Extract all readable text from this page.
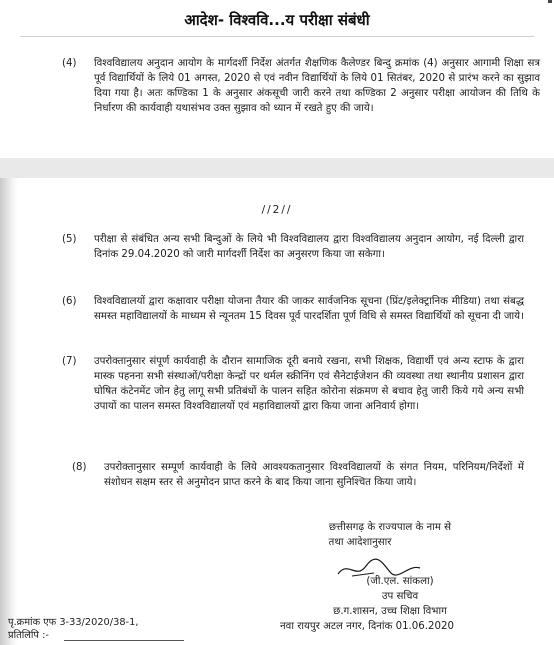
आदेश- विश्ववि...य परीक्षा संबंधी
(4) विश्वविद्यालय अनुदान आयोग के मार्गदर्शी निर्देश अंतर्गत शैक्षणिक कैलेण्डर बिन्दु क्रमांक (4) अनुसार आगामी शिक्षा सत्र पूर्व विद्यार्थियों के लिये 01 अगस्त, 2020 से एवं नवीन विद्यार्थियों के लिये 01 सितंबर, 2020 से प्रारंभ करने का सुझाव दिया गया है। अतः कण्डिका 1 के अनुसार अंकसूची जारी करने तथा कण्डिका 2 अनुसार परीक्षा आयोजन की तिथि के निर्धारण की कार्यवाही यथासंभव उक्त सुझाव को ध्यान में रखते हुए की जाये।
//2//
(5) परीक्षा से संबंधित अन्य सभी बिन्दुओं के लिये भी विश्वविद्यालय द्वारा विश्वविद्यालय अनुदान आयोग, नई दिल्ली द्वारा दिनांक 29.04.2020 को जारी मार्गदर्शी निर्देश का अनुसरण किया जा सकेगा।
(6) विश्वविद्यालयों द्वारा कक्षावार परीक्षा योजना तैयार की जाकर सार्वजनिक सूचना (प्रिंट/इलेक्ट्रानिक मीडिया) तथा संबद्ध समस्त महाविद्यालयों के माध्यम से न्यूनतम 15 दिवस पूर्व पारदर्शिता पूर्ण विधि से समस्त विद्यार्थियों को सूचना दी जाये।
(7) उपरोक्तानुसार संपूर्ण कार्यवाही के दौरान सामाजिक दूरी बनाये रखना, सभी शिक्षक, विद्यार्थी एवं अन्य स्टाफ के द्वारा मास्क पहनना सभी संस्थाओं/परीक्षा केन्द्रों पर थर्मल स्क्रीनिंग एवं सैनेटाईजेशन की व्यवस्था तथा स्थानीय प्रशासन द्वारा घोषित कंटेनमेंट जोन हेतु लागू सभी प्रतिबंधों के पालन सहित कोरोना संक्रमण से बचाव हेतु जारी किये गये अन्य सभी उपायों का पालन समस्त विश्वविद्यालयों एवं महाविद्यालयों द्वारा किया जाना अनिवार्य होगा।
(8) उपरोक्तानुसार सम्पूर्ण कार्यवाही के लिये आवश्यकतानुसार विश्वविद्यालयों के संगत नियम, परिनियम/निर्देशों में संशोधन सक्षम स्तर से अनुमोदन प्राप्त करने के बाद किया जाना सुनिश्चित किया जाये।
छत्तीसगढ़ के राज्यपाल के नाम से
तथा आदेशानुसार
(जी.एल. सांकला)
उप सचिव
छ.ग.शासन, उच्च शिक्षा विभाग
नवा रायपुर अटल नगर, दिनांक 01.06.2020
पृ.क्रमांक एफ 3-33/2020/38-1,
प्रतिलिपि :-
